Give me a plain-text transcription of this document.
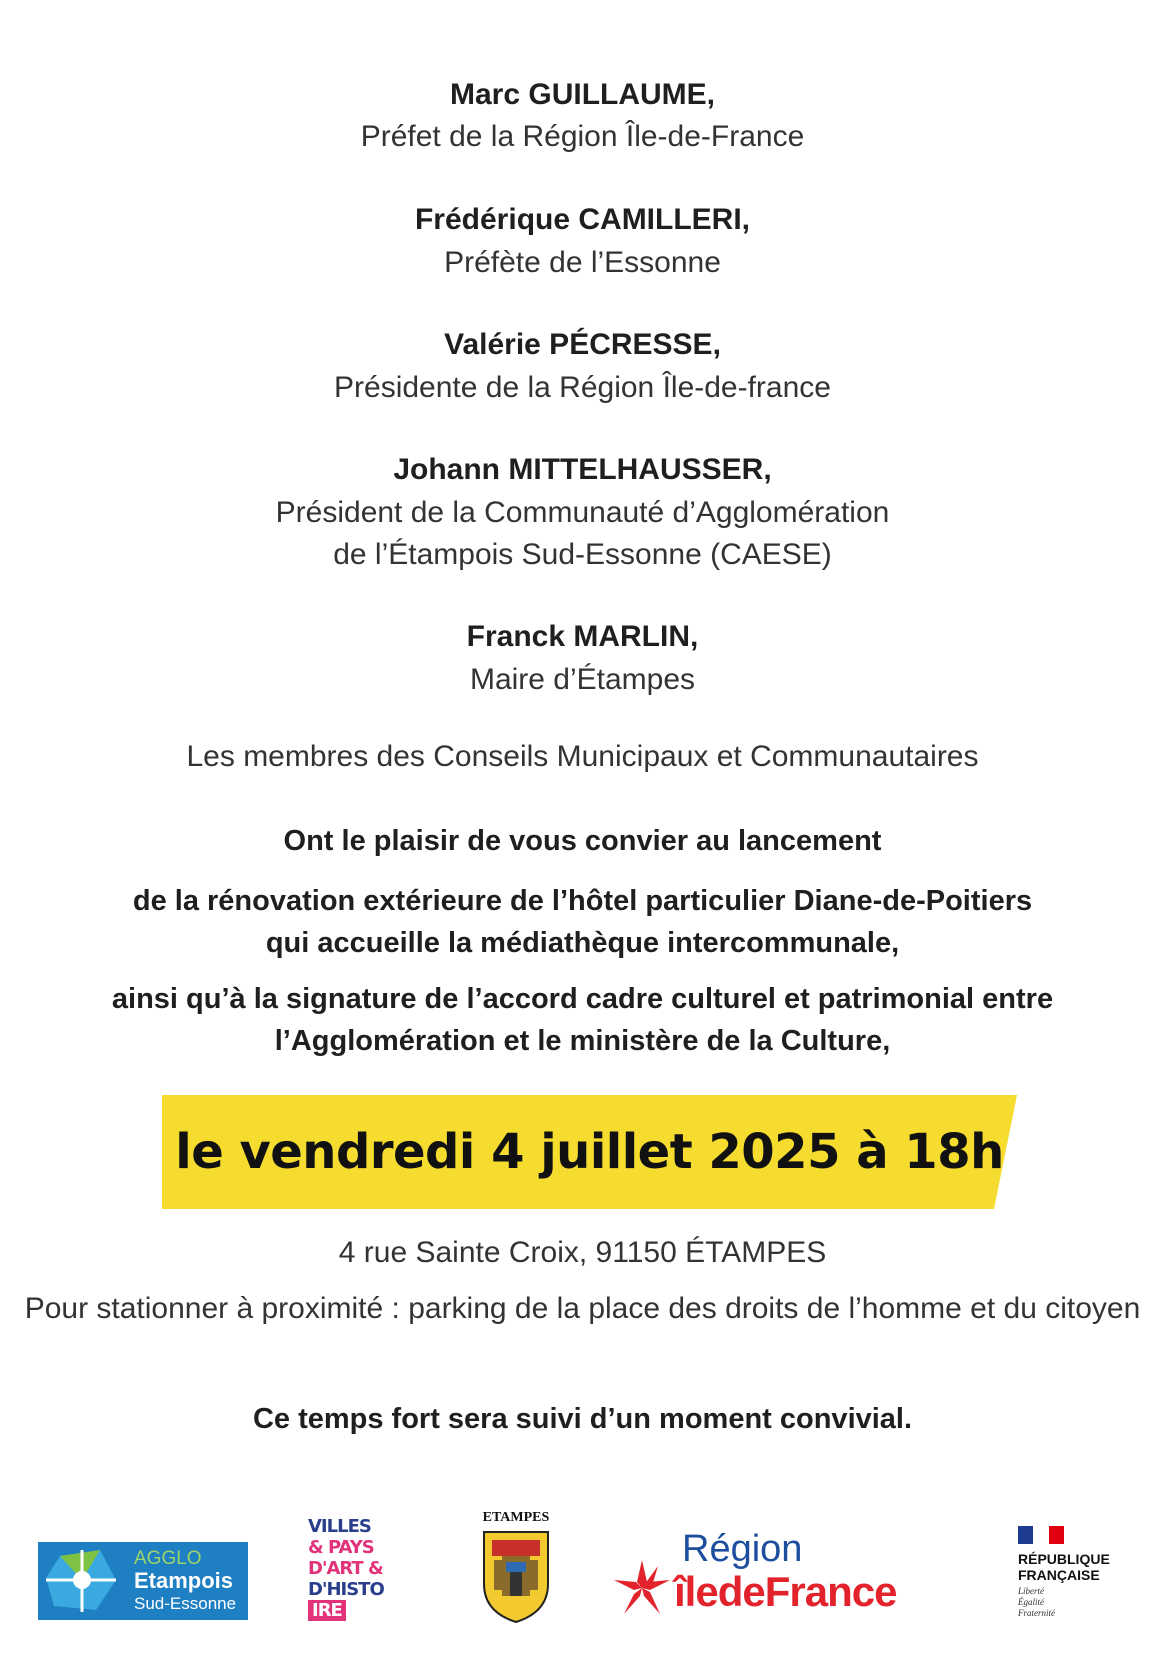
Marc GUILLAUME,
Préfet de la Région Île-de-France
Frédérique CAMILLERI,
Préfète de l’Essonne
Valérie PÉCRESSE,
Présidente de la Région Île-de-france
Johann MITTELHAUSSER,
Président de la Communauté d’Agglomération
de l’Étampois Sud-Essonne (CAESE)
Franck MARLIN,
Maire d’Étampes
Les membres des Conseils Municipaux et Communautaires
Ont le plaisir de vous convier au lancement
de la rénovation extérieure de l’hôtel particulier Diane-de-Poitiers
qui accueille la médiathèque intercommunale,
ainsi qu’à la signature de l’accord cadre culturel et patrimonial entre
l’Agglomération et le ministère de la Culture,
le vendredi 4 juillet 2025 à 18h
4 rue Sainte Croix, 91150 ÉTAMPES
Pour stationner à proximité : parking de la place des droits de l’homme et du citoyen
Ce temps fort sera suivi d’un moment convivial.
AGGLO
Etampois
Sud-Essonne
VILLES
& PAYS
D'ART &
D'HISTO
IRE
ETAMPES
Région
îledeFrance
RÉPUBLIQUE
FRANÇAISE
Liberté
Égalité
Fraternité
